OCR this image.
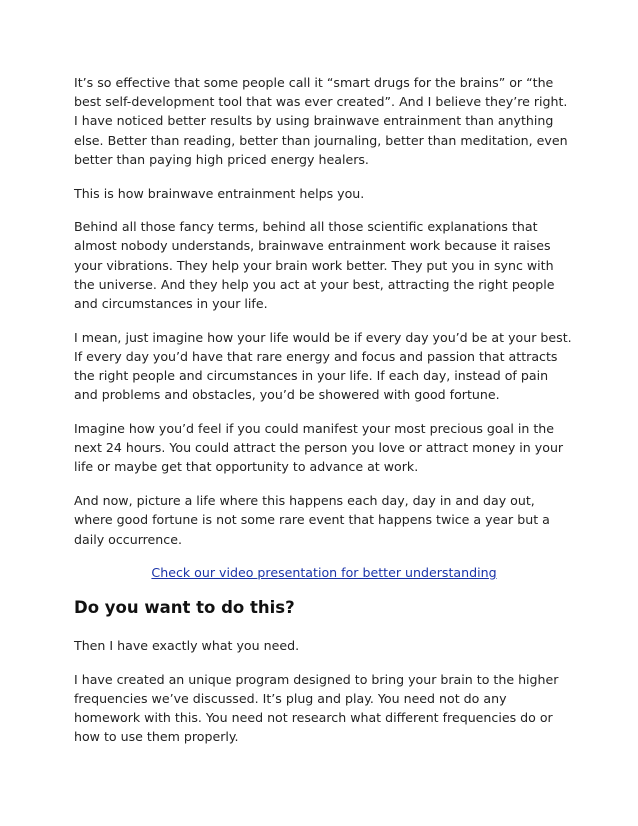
It’s so effective that some people call it “smart drugs for the brains” or “the best self-development tool that was ever created”. And I believe they’re right. I have noticed better results by using brainwave entrainment than anything else. Better than reading, better than journaling, better than meditation, even better than paying high priced energy healers.

This is how brainwave entrainment helps you.

Behind all those fancy terms, behind all those scientific explanations that almost nobody understands, brainwave entrainment work because it raises your vibrations. They help your brain work better. They put you in sync with the universe. And they help you act at your best, attracting the right people and circumstances in your life.

I mean, just imagine how your life would be if every day you’d be at your best. If every day you’d have that rare energy and focus and passion that attracts the right people and circumstances in your life. If each day, instead of pain and problems and obstacles, you’d be showered with good fortune.

Imagine how you’d feel if you could manifest your most precious goal in the next 24 hours. You could attract the person you love or attract money in your life or maybe get that opportunity to advance at work.

And now, picture a life where this happens each day, day in and day out, where good fortune is not some rare event that happens twice a year but a daily occurrence.

Check our video presentation for better understanding

Do you want to do this?

Then I have exactly what you need.

I have created an unique program designed to bring your brain to the higher frequencies we’ve discussed. It’s plug and play. You need not do any homework with this. You need not research what different frequencies do or how to use them properly.
